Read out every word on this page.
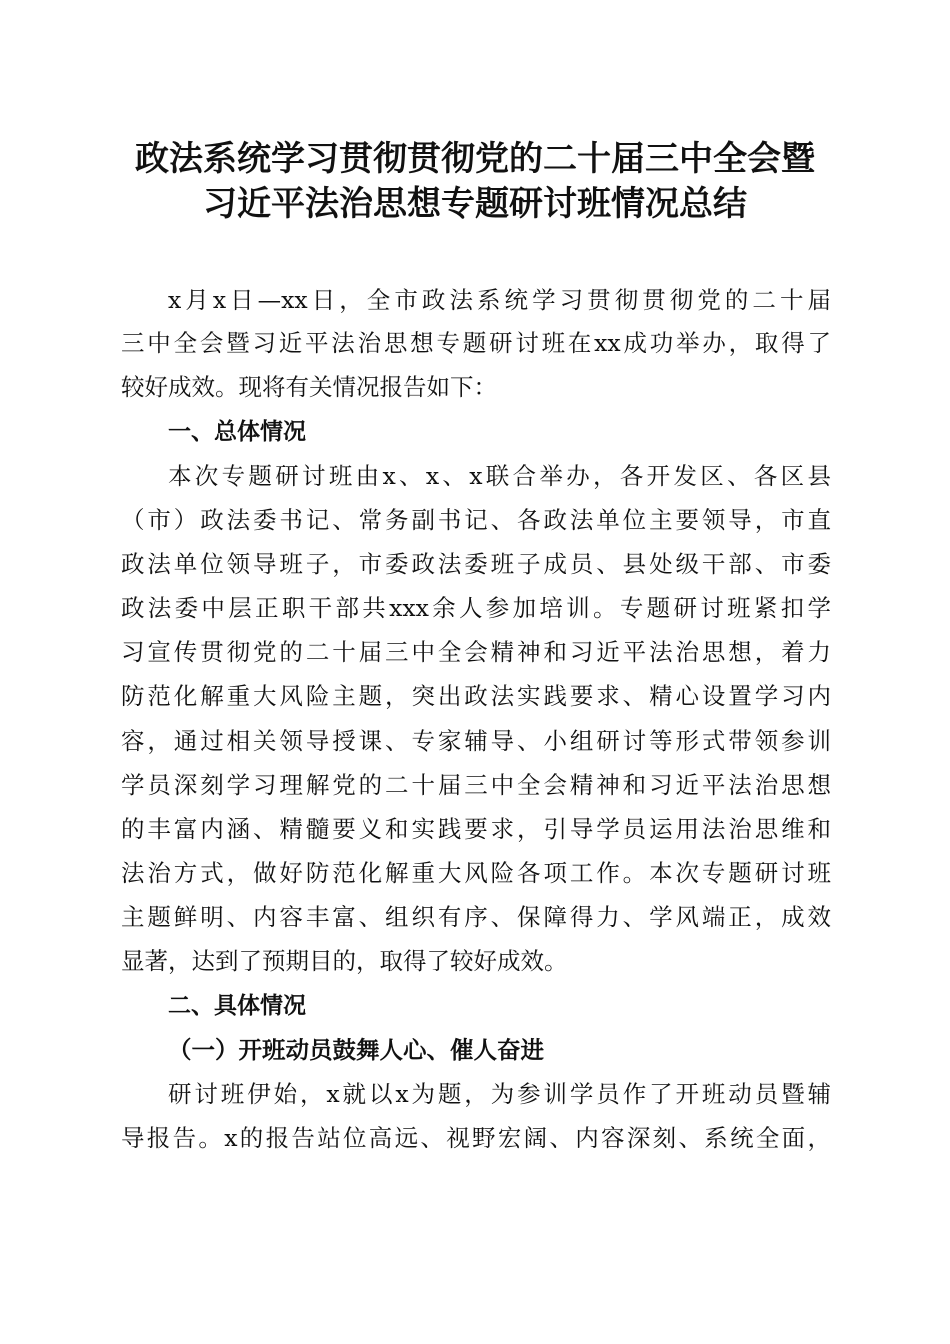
政法系统学习贯彻贯彻党的二十届三中全会暨
习近平法治思想专题研讨班情况总结
x月x日—xx日，全市政法系统学习贯彻贯彻党的二十届
三中全会暨习近平法治思想专题研讨班在xx成功举办，取得了
较好成效。现将有关情况报告如下：
一、总体情况
本次专题研讨班由x、x、x联合举办，各开发区、各区县
（市）政法委书记、常务副书记、各政法单位主要领导，市直
政法单位领导班子，市委政法委班子成员、县处级干部、市委
政法委中层正职干部共xxx余人参加培训。专题研讨班紧扣学
习宣传贯彻党的二十届三中全会精神和习近平法治思想，着力
防范化解重大风险主题，突出政法实践要求、精心设置学习内
容，通过相关领导授课、专家辅导、小组研讨等形式带领参训
学员深刻学习理解党的二十届三中全会精神和习近平法治思想
的丰富内涵、精髓要义和实践要求，引导学员运用法治思维和
法治方式，做好防范化解重大风险各项工作。本次专题研讨班
主题鲜明、内容丰富、组织有序、保障得力、学风端正，成效
显著，达到了预期目的，取得了较好成效。
二、具体情况
（一）开班动员鼓舞人心、催人奋进
研讨班伊始，x就以x为题，为参训学员作了开班动员暨辅
导报告。x的报告站位高远、视野宏阔、内容深刻、系统全面，
